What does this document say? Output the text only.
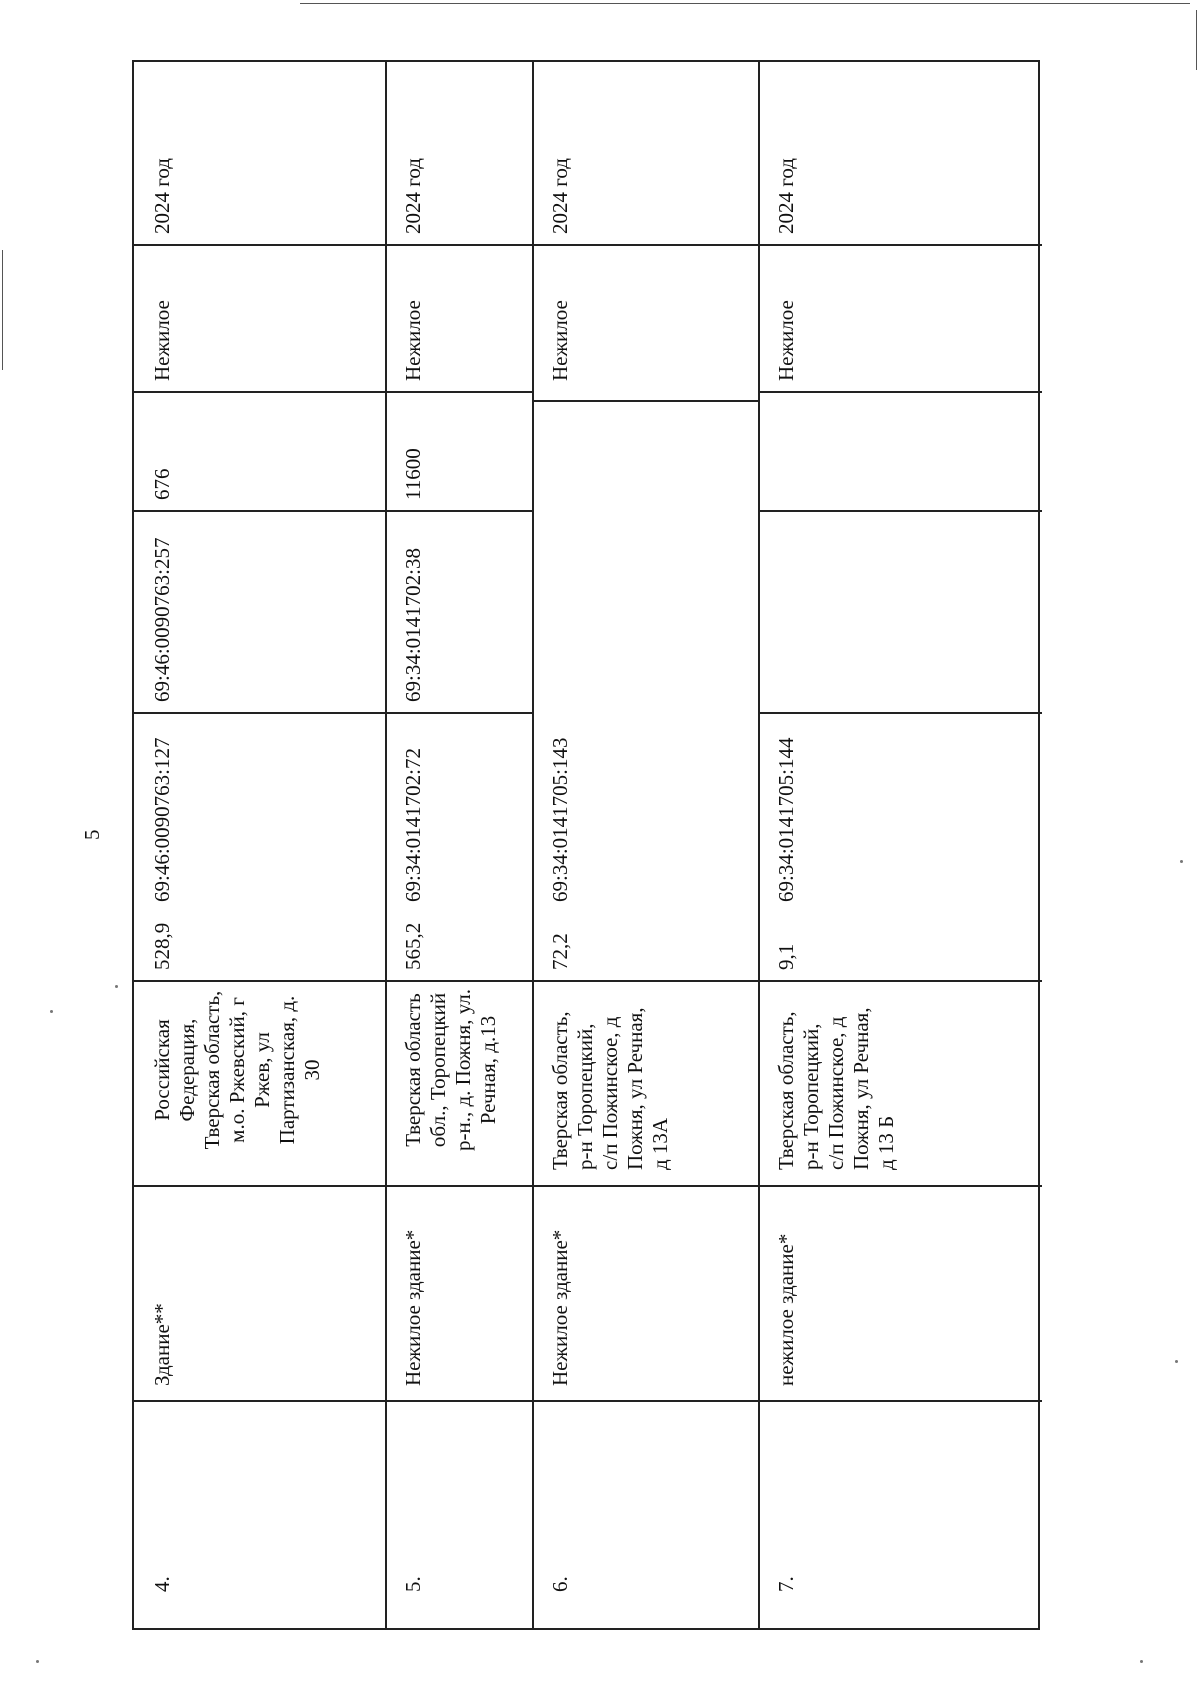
5
4.
Здание**
Российская Федерация, Тверская область, м.о. Ржевский, г Ржев, ул Партизанская, д. 30
528,9
69:46:0090763:127
69:46:0090763:257
676
Нежилое
2024 год
5.
Нежилое здание*
Тверская область обл., Торопецкий р-н., д. Пожня, ул. Речная, д.13
565,2
69:34:0141702:72
69:34:0141702:38
11600
Нежилое
2024 год
6.
Нежилое здание*
Тверская область, р-н Торопецкий, с/п Пожинское, д Пожня, ул Речная, д 13А
72,2
69:34:0141705:143
Нежилое
2024 год
7.
нежилое здание*
Тверская область, р-н Торопецкий, с/п Пожинское, д Пожня, ул Речная, д 13 Б
9,1
69:34:0141705:144
Нежилое
2024 год
